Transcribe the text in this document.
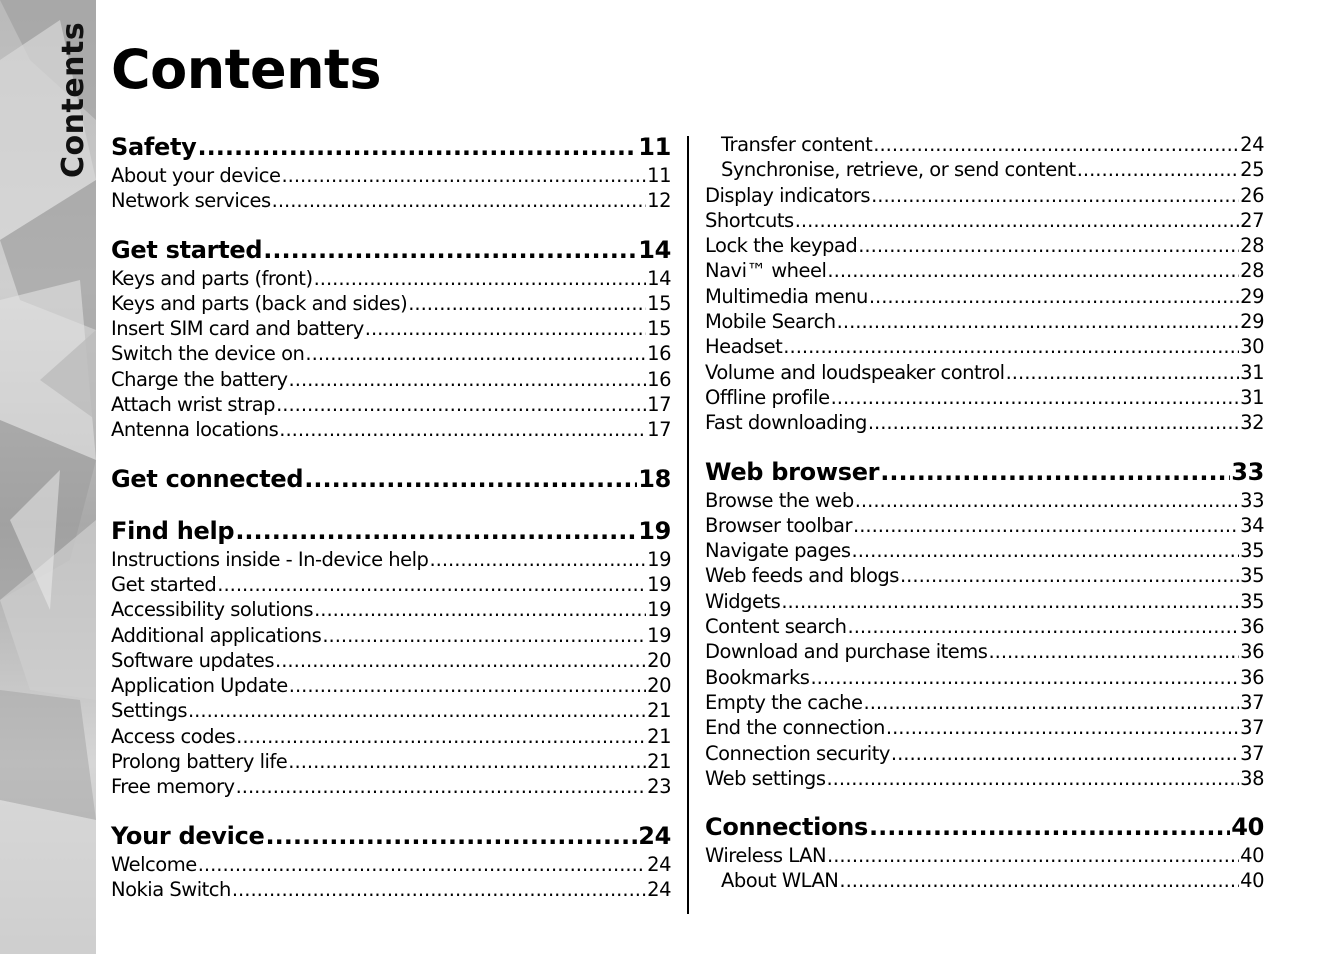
Contents Contents
Safety .....	11
About your device .....	11
Network services .....	12
Get started .....	14
Keys and parts (front) .....	14
Keys and parts (back and sides) .....	15
Insert SIM card and battery .....	15
Switch the device on .....	16
Charge the battery .....	16
Attach wrist strap .....	17
Antenna locations .....	17
Get connected .....	18
Find help .....	19
Instructions inside - In-device help .....	19
Get started .....	19
Accessibility solutions .....	19
Additional applications .....	19
Software updates .....	20
Application Update .....	20
Settings .....	21
Access codes .....	21
Prolong battery life .....	21
Free memory .....	23
Your device .....	24
Welcome .....	24
Nokia Switch .....	24
Transfer content .....	24
Synchronise, retrieve, or send content .....	25
Display indicators .....	26
Shortcuts .....	27
Lock the keypad .....	28
Navi™ wheel .....	28
Multimedia menu .....	29
Mobile Search .....	29
Headset .....	30
Volume and loudspeaker control .....	31
Offline profile .....	31
Fast downloading .....	32
Web browser .....	33
Browse the web .....	33
Browser toolbar .....	34
Navigate pages .....	35
Web feeds and blogs .....	35
Widgets .....	35
Content search .....	36
Download and purchase items .....	36
Bookmarks .....	36
Empty the cache .....	37
End the connection .....	37
Connection security .....	37
Web settings .....	38
Connections .....	40
Wireless LAN .....	40
About WLAN .....	40
